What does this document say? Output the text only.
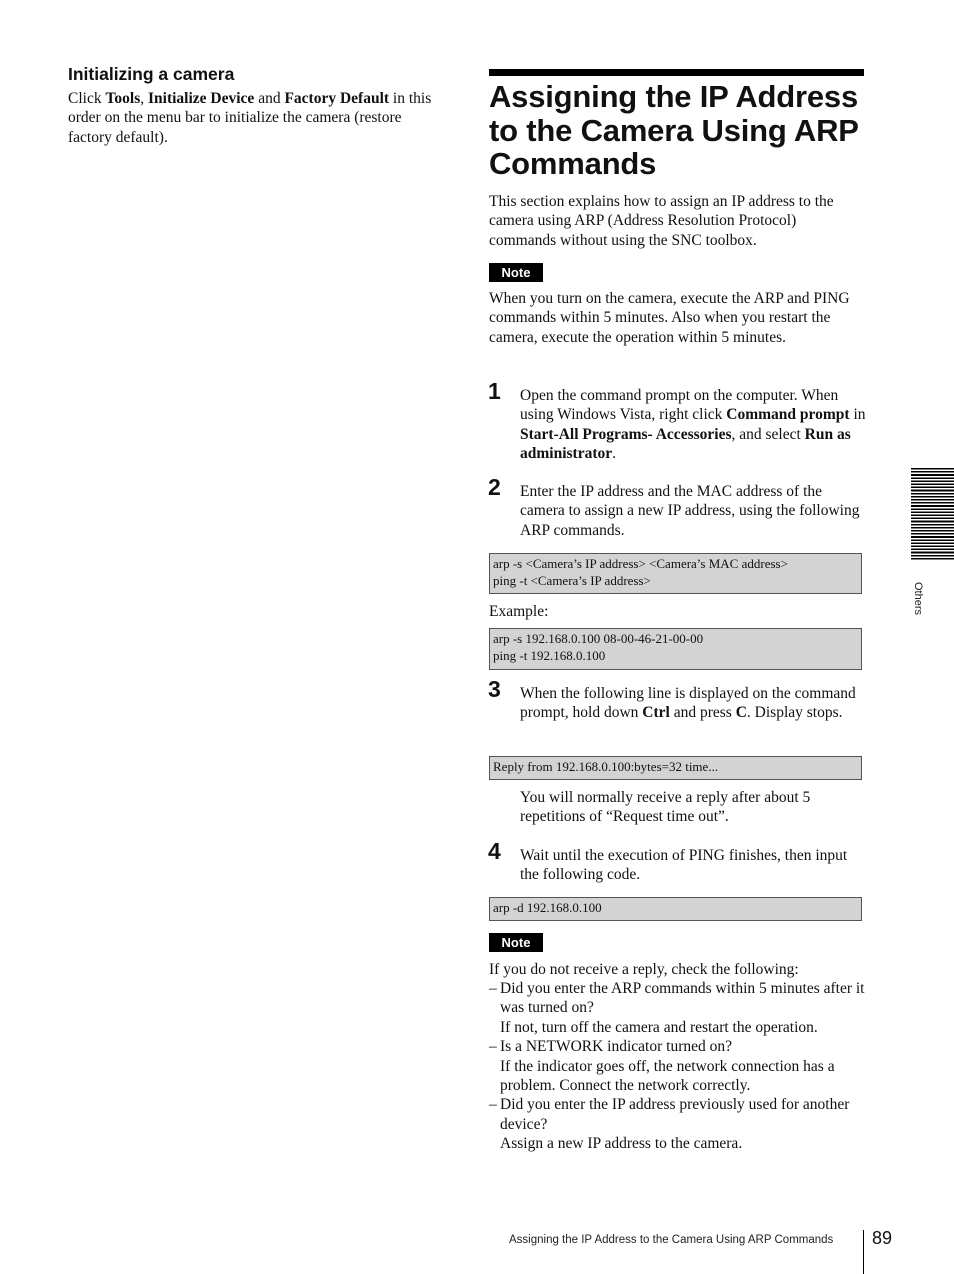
Initializing a camera
Click Tools, Initialize Device and Factory Default in this order on the menu bar to initialize the camera (restore factory default).
Assigning the IP Address to the Camera Using ARP Commands
This section explains how to assign an IP address to the camera using ARP (Address Resolution Protocol) commands without using the SNC toolbox.
Note
When you turn on the camera, execute the ARP and PING commands within 5 minutes. Also when you restart the camera, execute the operation within 5 minutes.
1 Open the command prompt on the computer. When using Windows Vista, right click Command prompt in Start-All Programs- Accessories, and select Run as administrator.
2 Enter the IP address and the MAC address of the camera to assign a new IP address, using the following ARP commands.
arp -s <Camera’s IP address> <Camera’s MAC address>
ping -t <Camera’s IP address>
Example:
arp -s 192.168.0.100 08-00-46-21-00-00
ping -t 192.168.0.100
3 When the following line is displayed on the command prompt, hold down Ctrl and press C. Display stops.
Reply from 192.168.0.100:bytes=32 time...
You will normally receive a reply after about 5 repetitions of “Request time out”.
4 Wait until the execution of PING finishes, then input the following code.
arp -d 192.168.0.100
Note
If you do not receive a reply, check the following:
– Did you enter the ARP commands within 5 minutes after it was turned on?
If not, turn off the camera and restart the operation.
– Is a NETWORK indicator turned on?
If the indicator goes off, the network connection has a problem. Connect the network correctly.
– Did you enter the IP address previously used for another device?
Assign a new IP address to the camera.
Others
Assigning the IP Address to the Camera Using ARP Commands 89
